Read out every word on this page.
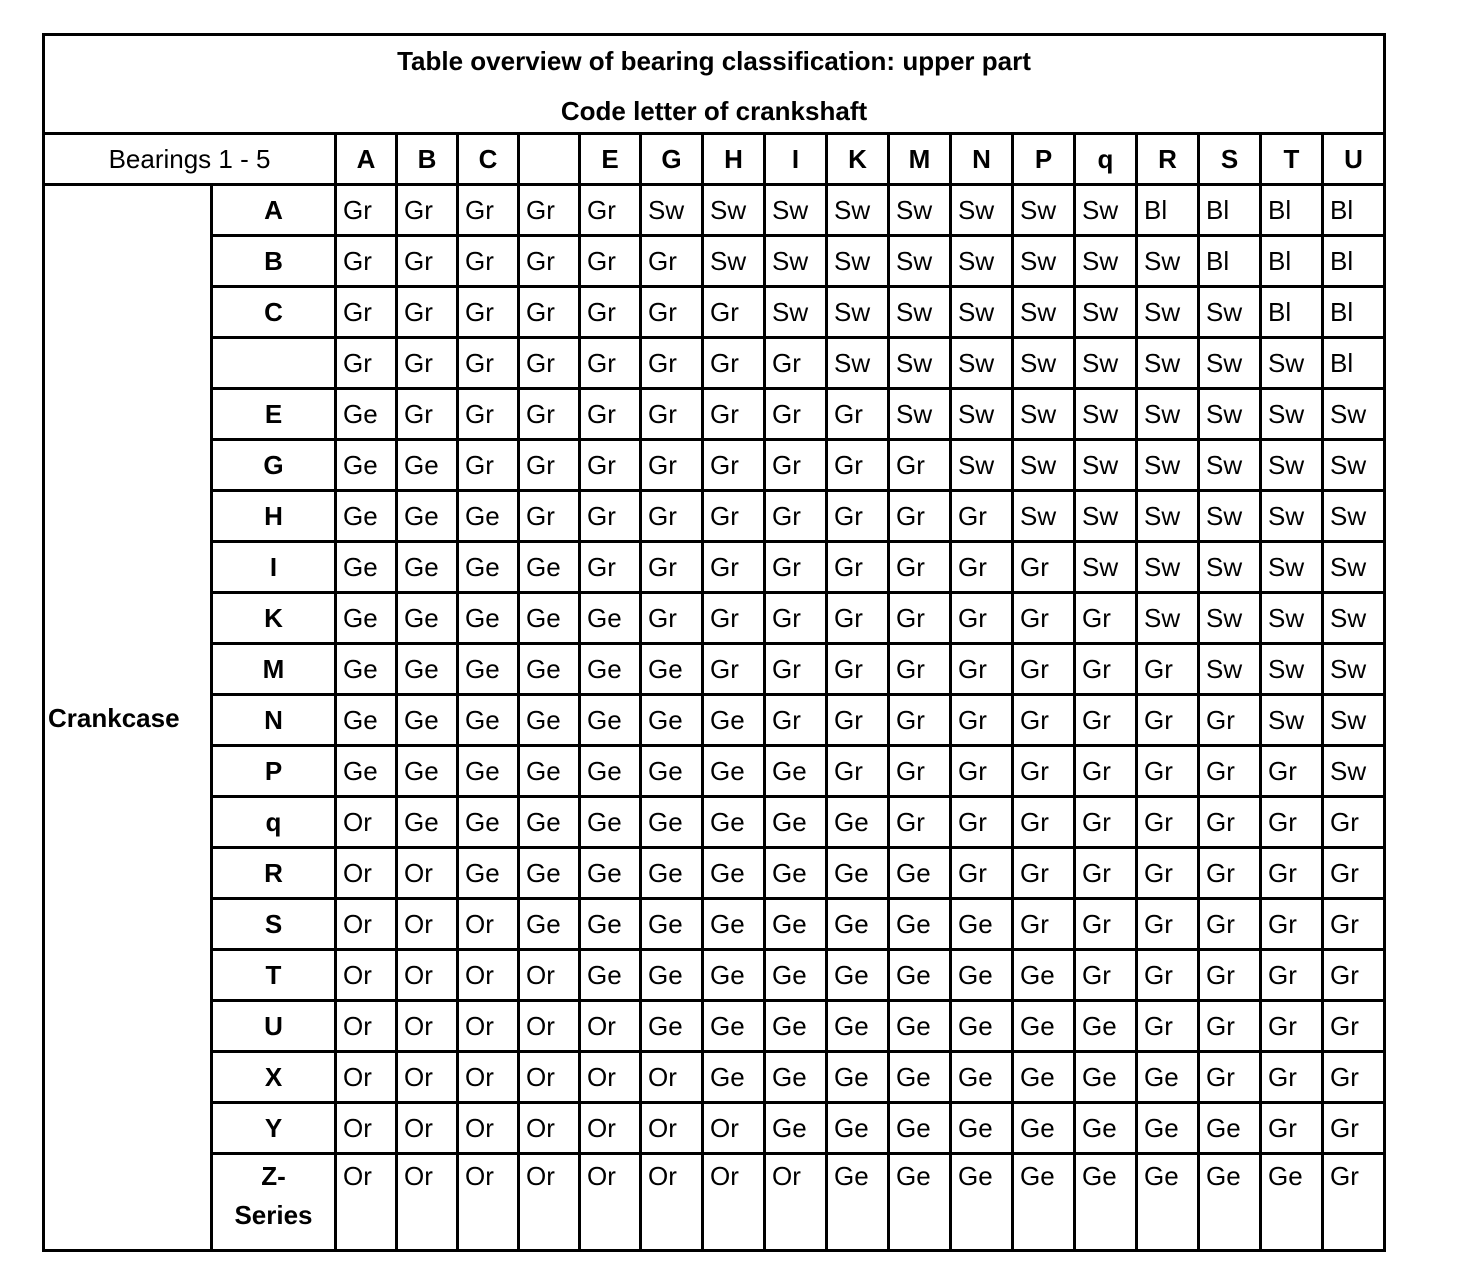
Table overview of bearing classification: upper part
Code letter of crankshaft																		

Bearings 1 - 5		A	B	C		E	G	H	I	K	M	N	P	q	R	S	T	U
Crankcase	A	Gr	Gr	Gr	Gr	Gr	Sw	Sw	Sw	Sw	Sw	Sw	Sw	Sw	Bl	Bl	Bl	Bl
	B	Gr	Gr	Gr	Gr	Gr	Gr	Sw	Sw	Sw	Sw	Sw	Sw	Sw	Sw	Bl	Bl	Bl
	C	Gr	Gr	Gr	Gr	Gr	Gr	Gr	Sw	Sw	Sw	Sw	Sw	Sw	Sw	Sw	Bl	Bl
		Gr	Gr	Gr	Gr	Gr	Gr	Gr	Gr	Sw	Sw	Sw	Sw	Sw	Sw	Sw	Sw	Bl
	E	Ge	Gr	Gr	Gr	Gr	Gr	Gr	Gr	Gr	Sw	Sw	Sw	Sw	Sw	Sw	Sw	Sw
	G	Ge	Ge	Gr	Gr	Gr	Gr	Gr	Gr	Gr	Gr	Sw	Sw	Sw	Sw	Sw	Sw	Sw
	H	Ge	Ge	Ge	Gr	Gr	Gr	Gr	Gr	Gr	Gr	Gr	Sw	Sw	Sw	Sw	Sw	Sw
	I	Ge	Ge	Ge	Ge	Gr	Gr	Gr	Gr	Gr	Gr	Gr	Gr	Sw	Sw	Sw	Sw	Sw
	K	Ge	Ge	Ge	Ge	Ge	Gr	Gr	Gr	Gr	Gr	Gr	Gr	Gr	Sw	Sw	Sw	Sw
	M	Ge	Ge	Ge	Ge	Ge	Ge	Gr	Gr	Gr	Gr	Gr	Gr	Gr	Gr	Sw	Sw	Sw
	N	Ge	Ge	Ge	Ge	Ge	Ge	Ge	Gr	Gr	Gr	Gr	Gr	Gr	Gr	Gr	Sw	Sw
	P	Ge	Ge	Ge	Ge	Ge	Ge	Ge	Ge	Gr	Gr	Gr	Gr	Gr	Gr	Gr	Gr	Sw
	q	Or	Ge	Ge	Ge	Ge	Ge	Ge	Ge	Ge	Gr	Gr	Gr	Gr	Gr	Gr	Gr	Gr
	R	Or	Or	Ge	Ge	Ge	Ge	Ge	Ge	Ge	Ge	Gr	Gr	Gr	Gr	Gr	Gr	Gr
	S	Or	Or	Or	Ge	Ge	Ge	Ge	Ge	Ge	Ge	Ge	Gr	Gr	Gr	Gr	Gr	Gr
	T	Or	Or	Or	Or	Ge	Ge	Ge	Ge	Ge	Ge	Ge	Ge	Gr	Gr	Gr	Gr	Gr
	U	Or	Or	Or	Or	Or	Ge	Ge	Ge	Ge	Ge	Ge	Ge	Ge	Gr	Gr	Gr	Gr
	X	Or	Or	Or	Or	Or	Or	Ge	Ge	Ge	Ge	Ge	Ge	Ge	Ge	Gr	Gr	Gr
	Y	Or	Or	Or	Or	Or	Or	Or	Ge	Ge	Ge	Ge	Ge	Ge	Ge	Ge	Gr	Gr
	Z-
Series	Or	Or	Or	Or	Or	Or	Or	Or	Ge	Ge	Ge	Ge	Ge	Ge	Ge	Ge	Gr
